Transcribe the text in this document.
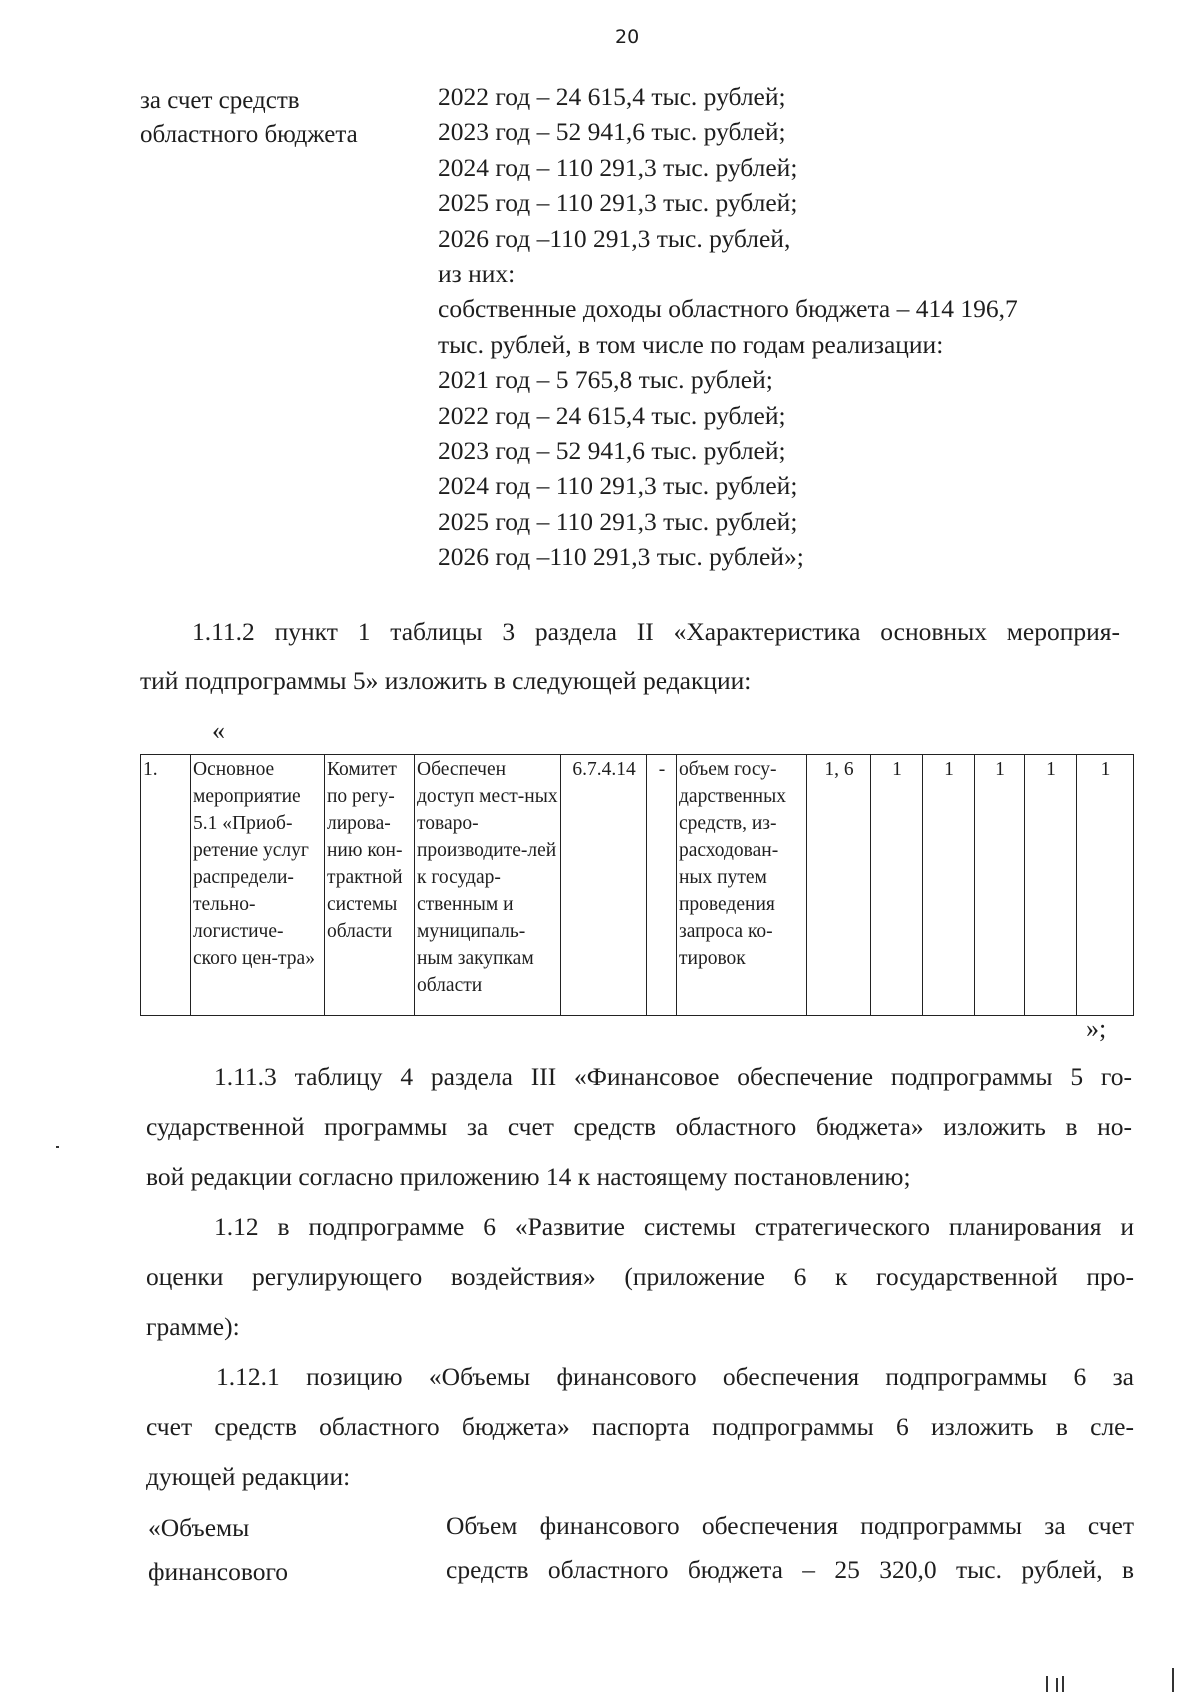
20
за счет средств
областного бюджета
2022 год – 24 615,4 тыс. рублей;
2023 год – 52 941,6 тыс. рублей;
2024 год – 110 291,3 тыс. рублей;
2025 год – 110 291,3 тыс. рублей;
2026 год –110 291,3 тыс. рублей,
из них:
собственные доходы областного бюджета – 414 196,7
тыс. рублей, в том числе по годам реализации:
2021 год – 5 765,8 тыс. рублей;
2022 год – 24 615,4 тыс. рублей;
2023 год – 52 941,6 тыс. рублей;
2024 год – 110 291,3 тыс. рублей;
2025 год – 110 291,3 тыс. рублей;
2026 год –110 291,3 тыс. рублей»;
1.11.2 пункт 1 таблицы 3 раздела II «Характеристика основных мероприя-
тий подпрограммы 5» изложить в следующей редакции:
«
1.	Основное мероприятие 5.1 «Приоб-ретение услуг распредели-тельно-логистиче-ского цен-тра»	Комитет по регу-лирова-нию кон-трактной системы области	Обеспечен доступ мест-ных товаро-производите-лей к государ-ственным и муниципаль-ным закупкам области	6.7.4.14	-	объем госу-дарственных средств, из-расходован-ных путем проведения запроса ко-тировок	1, 6	1	1	1	1	1
»;
1.11.3 таблицу 4 раздела III «Финансовое обеспечение подпрограммы 5 го-
сударственной программы за счет средств областного бюджета» изложить в но-
вой редакции согласно приложению 14 к настоящему постановлению;
1.12 в подпрограмме 6 «Развитие системы стратегического планирования и
оценки регулирующего воздействия» (приложение 6 к государственной про-
грамме):
1.12.1 позицию «Объемы финансового обеспечения подпрограммы 6 за
счет средств областного бюджета» паспорта подпрограммы 6 изложить в сле-
дующей редакции:
«Объемы
финансового
Объем финансового обеспечения подпрограммы за счет
средств областного бюджета – 25 320,0 тыс. рублей, в
